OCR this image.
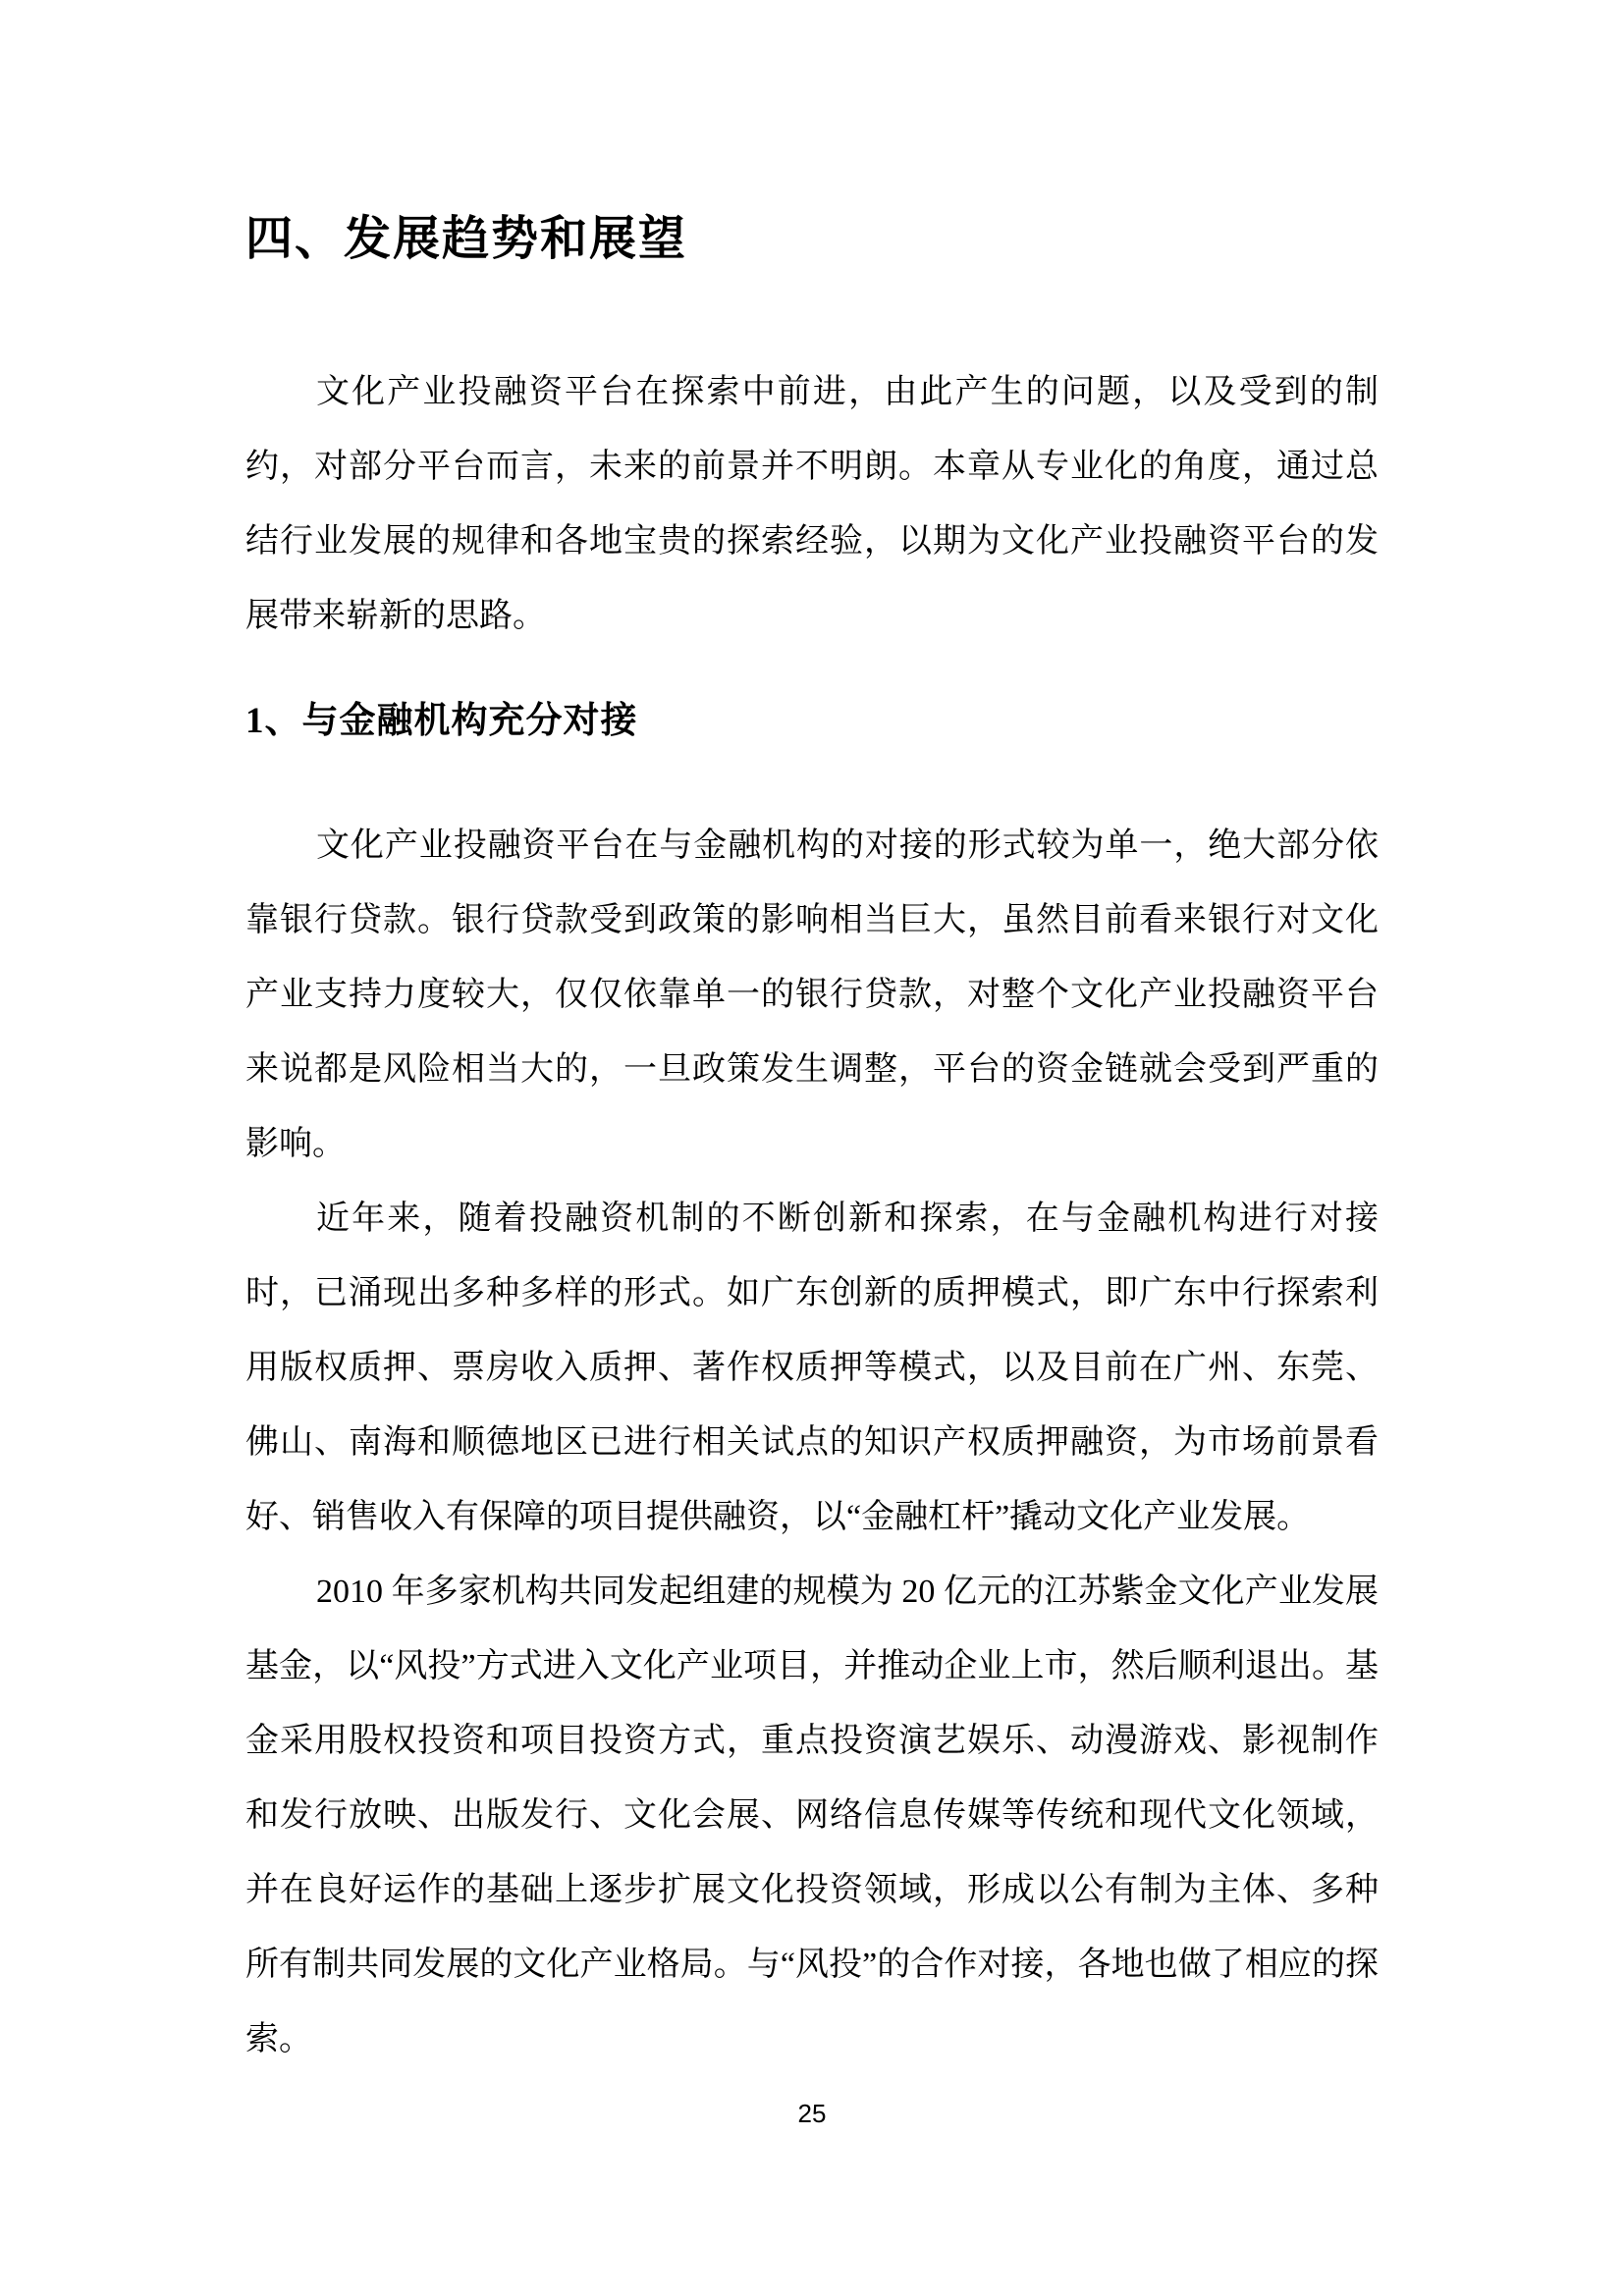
四、发展趋势和展望

文化产业投融资平台在探索中前进，由此产生的问题，以及受到的制约，对部分平台而言，未来的前景并不明朗。本章从专业化的角度，通过总结行业发展的规律和各地宝贵的探索经验，以期为文化产业投融资平台的发展带来崭新的思路。

1、与金融机构充分对接

文化产业投融资平台在与金融机构的对接的形式较为单一，绝大部分依靠银行贷款。银行贷款受到政策的影响相当巨大，虽然目前看来银行对文化产业支持力度较大，仅仅依靠单一的银行贷款，对整个文化产业投融资平台来说都是风险相当大的，一旦政策发生调整，平台的资金链就会受到严重的影响。

近年来，随着投融资机制的不断创新和探索，在与金融机构进行对接时，已涌现出多种多样的形式。如广东创新的质押模式，即广东中行探索利用版权质押、票房收入质押、著作权质押等模式，以及目前在广州、东莞、佛山、南海和顺德地区已进行相关试点的知识产权质押融资，为市场前景看好、销售收入有保障的项目提供融资，以“金融杠杆”撬动文化产业发展。

2010 年多家机构共同发起组建的规模为 20 亿元的江苏紫金文化产业发展基金，以“风投”方式进入文化产业项目，并推动企业上市，然后顺利退出。基金采用股权投资和项目投资方式，重点投资演艺娱乐、动漫游戏、影视制作和发行放映、出版发行、文化会展、网络信息传媒等传统和现代文化领域，并在良好运作的基础上逐步扩展文化投资领域，形成以公有制为主体、多种所有制共同发展的文化产业格局。与“风投”的合作对接，各地也做了相应的探索。

25
